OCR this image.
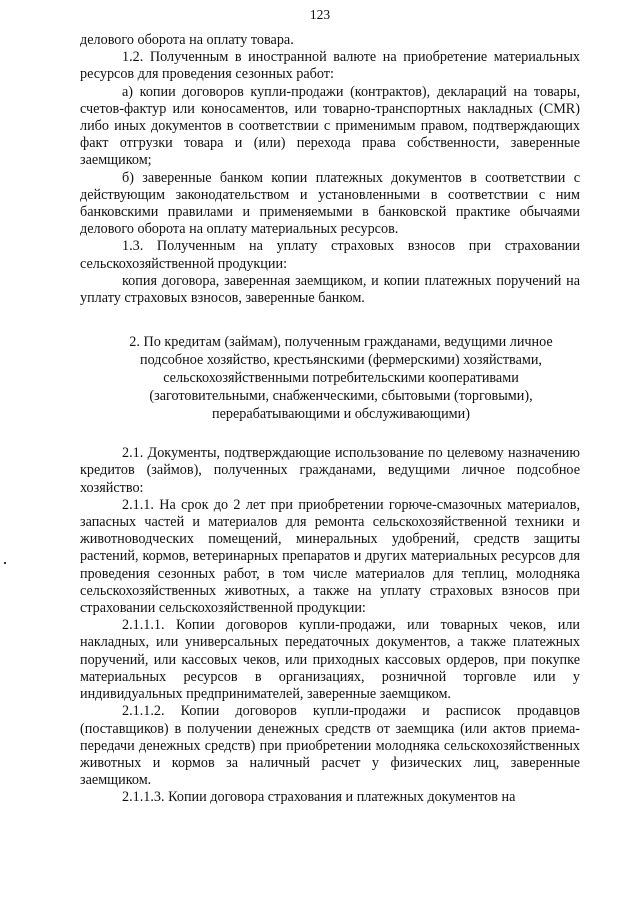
123

делового оборота на оплату товара.

1.2. Полученным в иностранной валюте на приобретение материальных ресурсов для проведения сезонных работ:

а) копии договоров купли-продажи (контрактов), деклараций на товары, счетов-фактур или коносаментов, или товарно-транспортных накладных (CMR) либо иных документов в соответствии с применимым правом, подтверждающих факт отгрузки товара и (или) перехода права собственности, заверенные заемщиком;

б) заверенные банком копии платежных документов в соответствии с действующим законодательством и установленными в соответствии с ним банковскими правилами и применяемыми в банковской практике обычаями делового оборота на оплату материальных ресурсов.

1.3. Полученным на уплату страховых взносов при страховании сельскохозяйственной продукции:

копия договора, заверенная заемщиком, и копии платежных поручений на уплату страховых взносов, заверенные банком.

2. По кредитам (займам), полученным гражданами, ведущими личное
подсобное хозяйство, крестьянскими (фермерскими) хозяйствами,
сельскохозяйственными потребительскими кооперативами
(заготовительными, снабженческими, сбытовыми (торговыми),
перерабатывающими и обслуживающими)

2.1. Документы, подтверждающие использование по целевому назначению кредитов (займов), полученных гражданами, ведущими личное подсобное хозяйство:

2.1.1. На срок до 2 лет при приобретении горюче-смазочных материалов, запасных частей и материалов для ремонта сельскохозяйственной техники и животноводческих помещений, минеральных удобрений, средств защиты растений, кормов, ветеринарных препаратов и других материальных ресурсов для проведения сезонных работ, в том числе материалов для теплиц, молодняка сельскохозяйственных животных, а также на уплату страховых взносов при страховании сельскохозяйственной продукции:

2.1.1.1. Копии договоров купли-продажи, или товарных чеков, или накладных, или универсальных передаточных документов, а также платежных поручений, или кассовых чеков, или приходных кассовых ордеров, при покупке материальных ресурсов в организациях, розничной торговле или у индивидуальных предпринимателей, заверенные заемщиком.

2.1.1.2. Копии договоров купли-продажи и расписок продавцов (поставщиков) в получении денежных средств от заемщика (или актов приема-передачи денежных средств) при приобретении молодняка сельскохозяйственных животных и кормов за наличный расчет у физических лиц, заверенные заемщиком.

2.1.1.3. Копии договора страхования и платежных документов на
